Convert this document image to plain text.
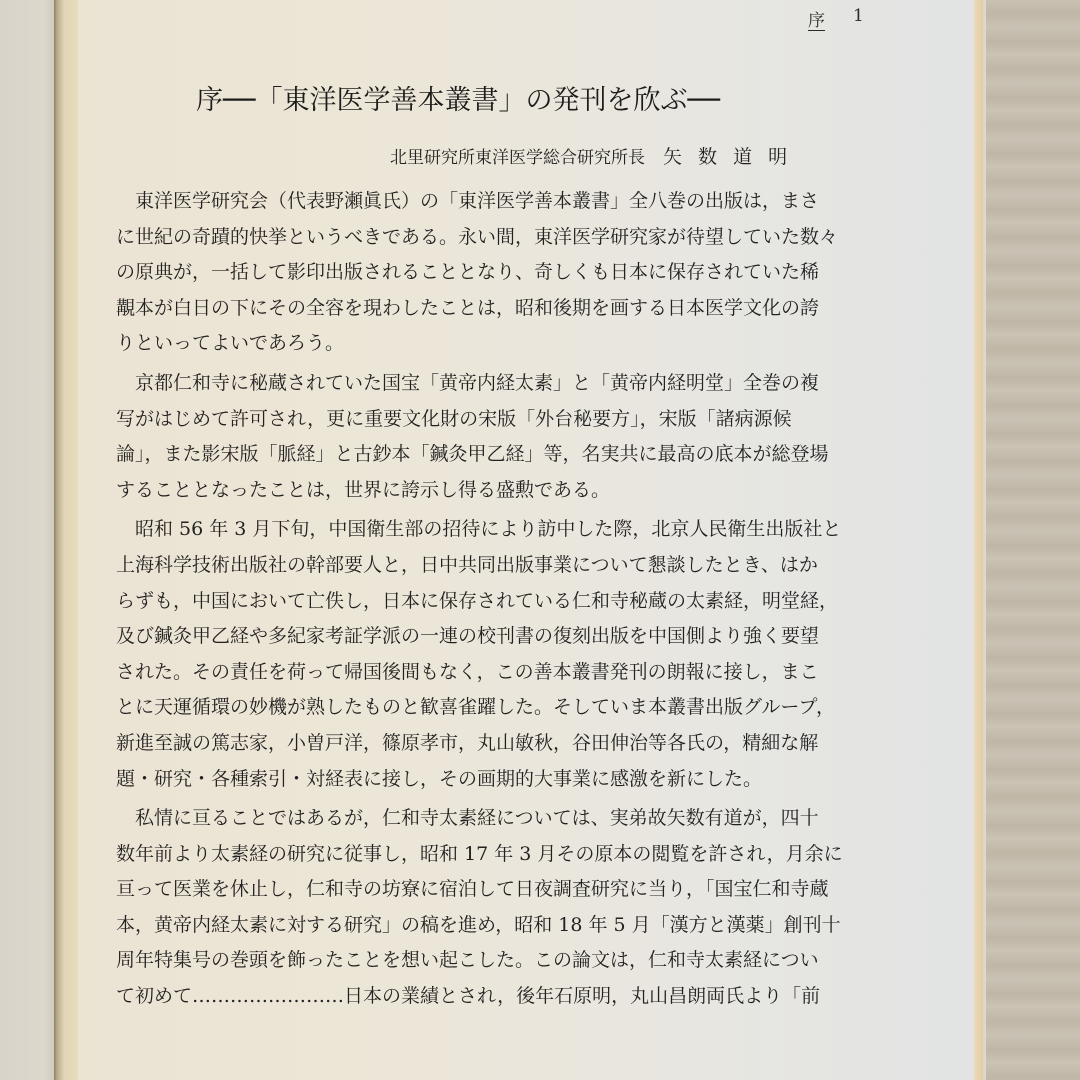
序 1
序──「東洋医学善本叢書」の発刊を欣ぶ──
北里研究所東洋医学総合研究所長 矢 数 道 明
東洋医学研究会（代表野瀬眞氏）の「東洋医学善本叢書」全八巻の出版は，まさ
に世紀の奇蹟的快挙というべきである。永い間，東洋医学研究家が待望していた数々
の原典が，一括して影印出版されることとなり、奇しくも日本に保存されていた稀
覯本が白日の下にその全容を現わしたことは，昭和後期を画する日本医学文化の誇
りといってよいであろう。
京都仁和寺に秘蔵されていた国宝「黄帝内経太素」と「黄帝内経明堂」全巻の複
写がはじめて許可され，更に重要文化財の宋版「外台秘要方」，宋版「諸病源候
論」，また影宋版「脈経」と古鈔本「鍼灸甲乙経」等，名実共に最高の底本が総登場
することとなったことは，世界に誇示し得る盛勲である。
昭和 56 年 3 月下旬，中国衛生部の招待により訪中した際，北京人民衛生出版社と
上海科学技術出版社の幹部要人と，日中共同出版事業について懇談したとき、はか
らずも，中国において亡佚し，日本に保存されている仁和寺秘蔵の太素経，明堂経，
及び鍼灸甲乙経や多紀家考証学派の一連の校刊書の復刻出版を中国側より強く要望
された。その責任を荷って帰国後間もなく，この善本叢書発刊の朗報に接し，まこ
とに天運循環の妙機が熟したものと歓喜雀躍した。そしていま本叢書出版グループ，
新進至誠の篤志家，小曽戸洋，篠原孝市，丸山敏秋，谷田伸治等各氏の，精細な解
題・研究・各種索引・対経表に接し，その画期的大事業に感激を新にした。
私情に亘ることではあるが，仁和寺太素経については、実弟故矢数有道が，四十
数年前より太素経の研究に従事し，昭和 17 年 3 月その原本の閲覧を許され，月余に
亘って医業を休止し，仁和寺の坊寮に宿泊して日夜調査研究に当り，「国宝仁和寺蔵
本，黄帝内経太素に対する研究」の稿を進め，昭和 18 年 5 月「漢方と漢薬」創刊十
周年特集号の巻頭を飾ったことを想い起こした。この論文は，仁和寺太素経につい
て初めて……………………日本の業績とされ，後年石原明，丸山昌朗両氏より「前
